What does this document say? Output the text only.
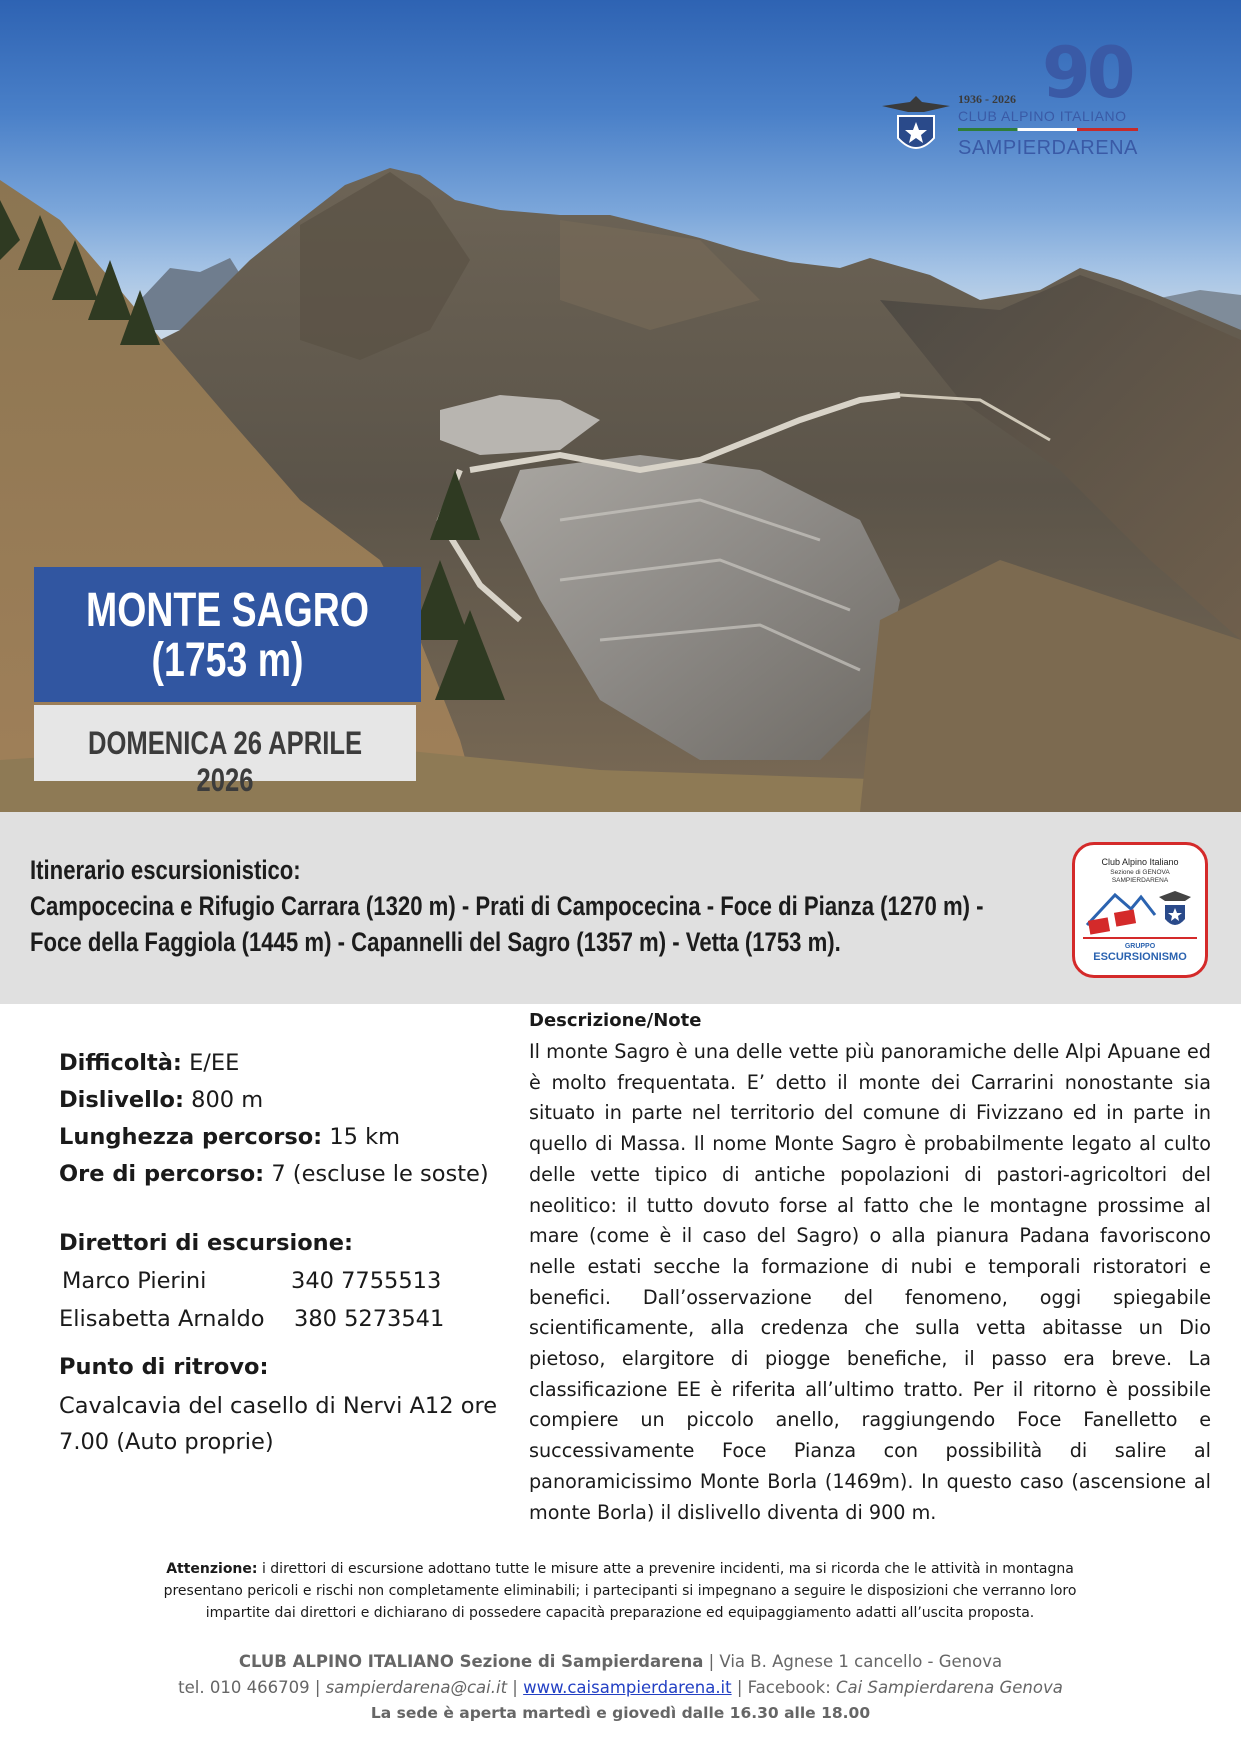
90
1936 - 2026
CLUB ALPINO ITALIANO
SAMPIERDARENA
MONTE SAGRO
(1753 m)
DOMENICA 26 APRILE 2026
Itinerario escursionistico:
Campocecina e Rifugio Carrara (1320 m) - Prati di Campocecina - Foce di Pianza (1270 m) -
Foce della Faggiola (1445 m) - Capannelli del Sagro (1357 m) - Vetta (1753 m).
Club Alpino Italiano
Sezione di GENOVA
SAMPIERDARENA
GRUPPO
ESCURSIONISMO
Difficoltà: E/EE
Dislivello: 800 m
Lunghezza percorso: 15 km
Ore di percorso: 7 (escluse le soste)
Direttori di escursione:
Marco Pierini	340 7755513
Elisabetta Arnaldo 380 5273541
Punto di ritrovo:
Cavalcavia del casello di Nervi A12 ore
7.00 (Auto proprie)
Descrizione/Note
Il monte Sagro è una delle vette più panoramiche delle Alpi Apuane ed è molto frequentata. E’ detto il monte dei Carrarini nonostante sia situato in parte nel territorio del comune di Fivizzano ed in parte in quello di Massa. Il nome Monte Sagro è probabilmente legato al culto delle vette tipico di antiche popolazioni di pastori-agricoltori del neolitico: il tutto dovuto forse al fatto che le montagne prossime al mare (come è il caso del Sagro) o alla pianura Padana favoriscono nelle estati secche la formazione di nubi e temporali ristoratori e benefici. Dall’osservazione del fenomeno, oggi spiegabile scientificamente, alla credenza che sulla vetta abitasse un Dio pietoso, elargitore di piogge benefiche, il passo era breve. La classificazione EE è riferita all’ultimo tratto. Per il ritorno è possibile compiere un piccolo anello, raggiungendo Foce Fanelletto e successivamente Foce Pianza con possibilità di salire al panoramicissimo Monte Borla (1469m). In questo caso (ascensione al monte Borla) il dislivello diventa di 900 m.
Attenzione: i direttori di escursione adottano tutte le misure atte a prevenire incidenti, ma si ricorda che le attività in montagna
presentano pericoli e rischi non completamente eliminabili; i partecipanti si impegnano a seguire le disposizioni che verranno loro
impartite dai direttori e dichiarano di possedere capacità preparazione ed equipaggiamento adatti all’uscita proposta.
CLUB ALPINO ITALIANO Sezione di Sampierdarena | Via B. Agnese 1 cancello - Genova
tel. 010 466709 | sampierdarena@cai.it | www.caisampierdarena.it | Facebook: Cai Sampierdarena Genova
La sede è aperta martedì e giovedì dalle 16.30 alle 18.00
